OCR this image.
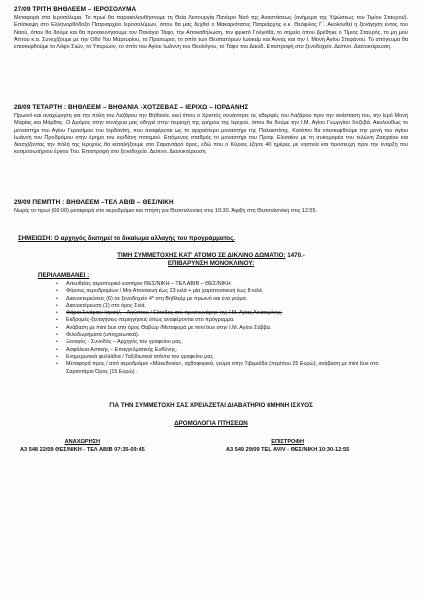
27/09 ΤΡΙΤΗ ΒΗΘΛΕΕΜ – ΙΕΡΟΣΟΛΥΜΑ

Μεταφορά στα Ιεροσόλυμα. Το πρωί θα παρακολουθήσουμε τη Θεία Λειτουργία Πανίερο Ναό της Αναστάσεως (ανήμερα της Υψώσεως του Τιμίου Σταυρού). Επίσκεψη στο Ελληνορθόδοξο Πατριαρχείο Ιεροσολύμων, όπου θα μας δεχθεί ο Μακαριότατος Πατριάρχης κ.κ. Θεόφιλος Γ΄. Ακολουθεί η ξενάγηση εντος του Ναού, όπου θα δούμε και θα προσκυνήσουμε τον Πανάγιο Τάφο, την Αποκαθήλωση, τον φρικτό Γολγοθά, το σημείο όπου βρέθηκε ο Τίμιος Σταυρός, το μη μου Άπτου κ.α. Συνεχίζουμε με την Οδό Του Μαρτυρίου, το Πραιτώριο, το σπίτι των Θεοπατόρων Ιωακείμ και Άννας και την Ι. Μονή Αγίου Στεφάνου. Το απόγευμα θα επισκεφθούμε το Λόφο Σιών, το Υπερώον, το σπίτι του Αγίου Ιωάννη του Θεολόγου, το Τάφο του Δαυίδ. Επιστροφή στο ξενοδοχείο. Δείπνο. Διανυκτέρευση.

28/09 ΤΕΤΑΡΤΗ : ΒΗΘΛΕΕΜ – ΒΗΘΑΝΙΑ -ΧΟΤΖΕΒΑΣ – ΙΕΡΙΧΩ – ΙΟΡΔΑΝΗΣ

Πρωινό και αναχώρηση για την πόλη του Λαζάρου την Βηθανία, εκεί όπου ο Χριστός συνάντησε τις αδερφές του Λαζάρου πριν την ανάσταση του, την Ιερό Μονή Μαρίας και Μάρθας .Ο Δρόμος στην συνέχεια μας οδηγεί στην περιοχή της ερήμου της Ιεριχού, όπου θα δούμε την Ι.Μ. Αγίου Γεωργίου Χοζεβά. Ακολούθως το μοναστήρι του Αγίου Γερασίμου του Ιορδανίτη, που αναφέρεται ως το αρχαιότερο μοναστήρι της Παλαιστίνης. Κατόπιν θα επισκεφθούμε την μονή του αγίου Ιωάννη του Προδρόμου στην έρημο του ιορδάνη ποταμού. Επόμενος σταθμός το μοναστήρι του Προφ. Ελισαίου με τη συκομορέα του τελώνη Ζακχαίου και διασχίζοντας την πόλη της Ιεριχούς θα καταλήξουμε στο Σαραντάρο όρος, εδώ που ο Κύριος έζησε 40 ημέρες με νηστεία και προσευχή πριν την έναρξη του κοσμοσωτήριου έργου Του. Επιστροφή στο ξενοδοχείο. Δείπνο. Διανυκτέρευση.

29/09 ΠΕΜΠΤΗ : ΒΗΘΛΕΕΜ –ΤΕΛ ΑΒΙΒ – ΘΕΣ/ΝΙΚΗ

Νωρίς το πρωί (06:00) μεταφορά στο αεροδρόμιο και πτήση για Θεσσαλονίκη στις 10:30. Άφιξη στη Θεσσαλονίκη στις 12:55.

ΣΗΜΕΙΩΣΗ: Ο αρχηγός διατηρεί το δικαίωμα αλλαγής του προγράμματος.
ΤΙΜΗ ΣΥΜΜΕΤΟΧΗΣ ΚΑΤ' ΑΤΟΜΟ ΣΕ ΔΙΚΛΙΝΟ ΔΩΜΑΤΙΟ: 1470.-
ΕΠΙΒΑΡΥΝΣΗ ΜΟΝΟΚΛΙΝΟΥ:
ΠΕΡΙΛΑΜΒΑΝΕΙ :
•	Απευθείας αεροπορικό εισιτήριο ΘΕΣ/ΝΙΚΗ – ΤΕΛ ΑΒΙΒ – ΘΕΣ/ΝΙΚΗ
•	Φόρους αεροδρομίων / Μια Αποσκευή έως 23 κιλά + μία χειραποσκευή έως 8 κιλά.
•	Διανυκτερεύσεις (6) σε ξενοδοχείο 4* στη Βηθλεέμ με πρωινό και ένα γεύμα.
•	Διανυκτέρευση (1) στο όρος Σινά.
•	Φάραι Σινάραιν Ισραήλ – Αιγύπτου / Είσοδος στο προσκυνάρηο της Ι.Μ. Αγίας Αικατερίνης.
•	Εκδρομές-ξεναγήσεις-περιηγήσεις όπως αναφέρονται στο πρόγραμμα.
•	Ανάβαση με mini bus στο όρος Θαβώρ /Μεταφορά με mini bus στην Ι.Μ. Αγίου Σάββα.
•	Φιλοδωρήματα (υποχρεωτικά).
•	Ξεναγός - Συνοδός – Αρχηγός του γραφείου μας.
•	Ασφάλεια Αστικής – Επαγγελματικής Ευθύνης.
•	Ενημερωτικά φυλλάδια / Ταξιδιωτικά τσάντα του γραφείου μας.
•	Μεταφορά προς / από αεροδρόμιο «Μακεδονία», αχθοφορικά, γεύμα στην Τιβεριάδα (περίπου 25 Ευρώ), ανάβαση με mini bus στο Σαραντάριο Όρος (15 Ευρώ) .
ΓΙΑ ΤΗΝ ΣΥΜΜΕΤΟΧΗ ΣΑΣ ΧΡΕΙΑΖΕΤΑΙ ΔΙΑΒΑΤΗΡΙΟ 6ΜΗΝΗ ΙΣΧΥΟΣ
ΔΡΟΜΟΛΟΓΙΑ ΠΤΗΣΕΩΝ
ΑΝΑΧΩΡΗΣΗ
A3 548 22/09 ΘΕΣ/ΝΙΚΗ - ΤΕΛ ΑΒΙΒ 07:35-09:45
ΕΠΙΣΤΡΟΦΗ
A3 549 29/09 TEL AVIV - ΘΕΣ/ΝΙΚΗ 10:30-12:55
